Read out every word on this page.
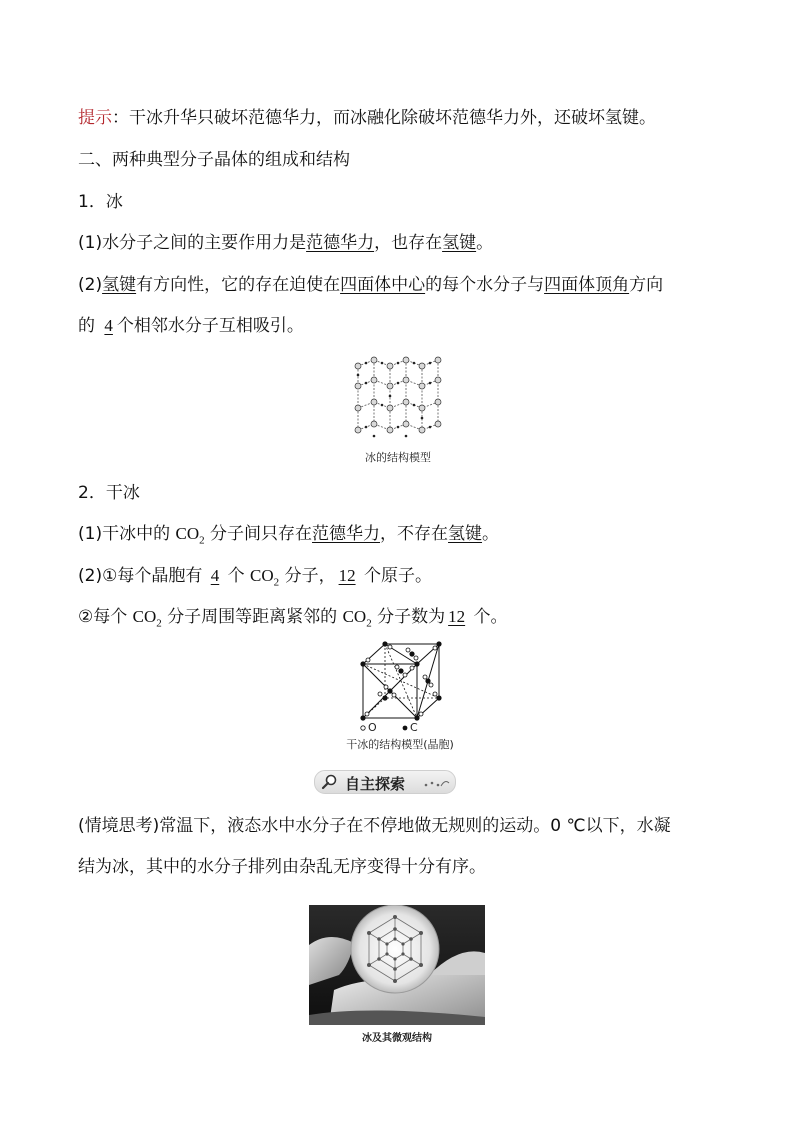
提示：干冰升华只破坏范德华力，而冰融化除破坏范德华力外，还破坏氢键。
二、两种典型分子晶体的组成和结构
1．冰
(1)水分子之间的主要作用力是范德华力，也存在氢键。
(2)氢键有方向性，它的存在迫使在四面体中心的每个水分子与四面体顶角方向
的 4 个相邻水分子互相吸引。
冰的结构模型
2．干冰
(1)干冰中的 $CO_2$ 分子间只存在范德华力，不存在氢键。
(2)①每个晶胞有 4 个 $CO_2$ 分子， 12 个原子。
②每个 $CO_2$ 分子周围等距离紧邻的 $CO_2$ 分子数为 12 个。
O	C
干冰的结构模型(晶胞)
自主探索
(情境思考)常温下，液态水中水分子在不停地做无规则的运动。0 ℃以下，水凝
结为冰，其中的水分子排列由杂乱无序变得十分有序。
冰及其微观结构
